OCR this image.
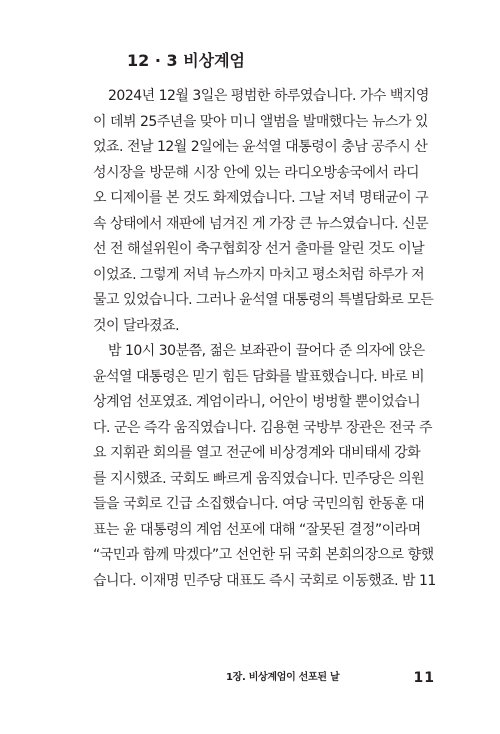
12 · 3 비상계엄
2024년 12월 3일은 평범한 하루였습니다. 가수 백지영
이 데뷔 25주년을 맞아 미니 앨범을 발매했다는 뉴스가 있
었죠. 전날 12월 2일에는 윤석열 대통령이 충남 공주시 산
성시장을 방문해 시장 안에 있는 라디오방송국에서 라디
오 디제이를 본 것도 화제였습니다. 그날 저녁 명태균이 구
속 상태에서 재판에 넘겨진 게 가장 큰 뉴스였습니다. 신문
선 전 해설위원이 축구협회장 선거 출마를 알린 것도 이날
이었죠. 그렇게 저녁 뉴스까지 마치고 평소처럼 하루가 저
물고 있었습니다. 그러나 윤석열 대통령의 특별담화로 모든
것이 달라졌죠.
밤 10시 30분쯤, 젊은 보좌관이 끌어다 준 의자에 앉은
윤석열 대통령은 믿기 힘든 담화를 발표했습니다. 바로 비
상계엄 선포였죠. 계엄이라니, 어안이 벙벙할 뿐이었습니
다. 군은 즉각 움직였습니다. 김용현 국방부 장관은 전국 주
요 지휘관 회의를 열고 전군에 비상경계와 대비태세 강화
를 지시했죠. 국회도 빠르게 움직였습니다. 민주당은 의원
들을 국회로 긴급 소집했습니다. 여당 국민의힘 한동훈 대
표는 윤 대통령의 계엄 선포에 대해 “잘못된 결정”이라며
“국민과 함께 막겠다”고 선언한 뒤 국회 본회의장으로 향했
습니다. 이재명 민주당 대표도 즉시 국회로 이동했죠. 밤 11
1장. 비상계엄이 선포된 날	11
